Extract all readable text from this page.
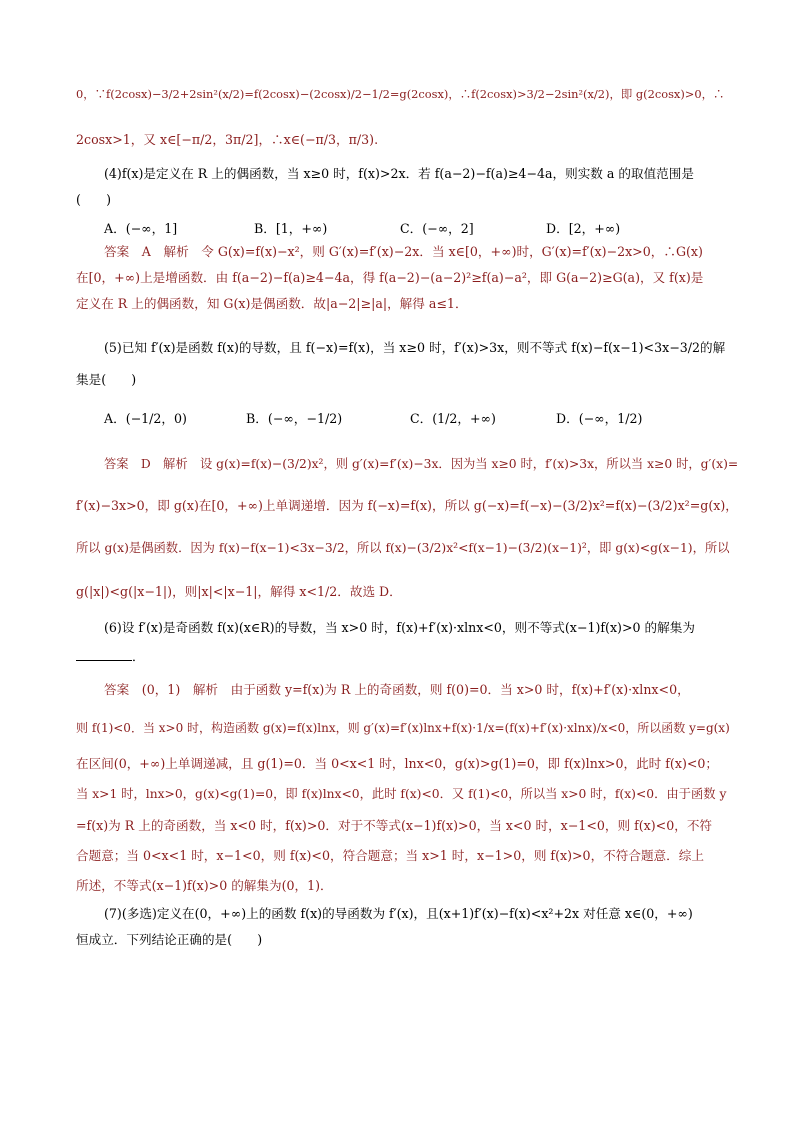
0，∵f(2cosx)−3/2+2sin²(x/2)=f(2cosx)−(2cosx)/2−1/2=g(2cosx)，∴f(2cosx)>3/2−2sin²(x/2)，即 g(2cosx)>0，∴
2cosx>1，又 x∈[−π/2，3π/2]，∴x∈(−π/3，π/3).
(4)f(x)是定义在 R 上的偶函数，当 x≥0 时，f(x)>2x．若 f(a−2)−f(a)≥4−4a，则实数 a 的取值范围是
(　　)
A．(−∞，1]	B．[1，+∞)	C．(−∞，2]	D．[2，+∞)
答案　A　解析　令 G(x)=f(x)−x²，则 G′(x)=f′(x)−2x．当 x∈[0，+∞)时，G′(x)=f′(x)−2x>0，∴G(x)
在[0，+∞)上是增函数．由 f(a−2)−f(a)≥4−4a，得 f(a−2)−(a−2)²≥f(a)−a²，即 G(a−2)≥G(a)，又 f(x)是
定义在 R 上的偶函数，知 G(x)是偶函数．故|a−2|≥|a|，解得 a≤1．
(5)已知 f′(x)是函数 f(x)的导数，且 f(−x)=f(x)，当 x≥0 时，f′(x)>3x，则不等式 f(x)−f(x−1)<3x−3/2的解
集是(　　)
A．(−1/2，0)	B．(−∞，−1/2)	C．(1/2，+∞)	D．(−∞，1/2)
答案　D　解析　设 g(x)=f(x)−(3/2)x²，则 g′(x)=f′(x)−3x．因为当 x≥0 时，f′(x)>3x，所以当 x≥0 时，g′(x)=
f′(x)−3x>0，即 g(x)在[0，+∞)上单调递增．因为 f(−x)=f(x)，所以 g(−x)=f(−x)−(3/2)x²=f(x)−(3/2)x²=g(x)，
所以 g(x)是偶函数．因为 f(x)−f(x−1)<3x−3/2，所以 f(x)−(3/2)x²<f(x−1)−(3/2)(x−1)²，即 g(x)<g(x−1)，所以
g(|x|)<g(|x−1|)，则|x|<|x−1|，解得 x<1/2．故选 D．
(6)设 f′(x)是奇函数 f(x)(x∈R)的导数，当 x>0 时，f(x)+f′(x)·xlnx<0，则不等式(x−1)f(x)>0 的解集为
．
答案　(0，1)　解析　由于函数 y=f(x)为 R 上的奇函数，则 f(0)=0．当 x>0 时，f(x)+f′(x)·xlnx<0，
则 f(1)<0．当 x>0 时，构造函数 g(x)=f(x)lnx，则 g′(x)=f′(x)lnx+f(x)·1/x=(f(x)+f′(x)·xlnx)/x<0，所以函数 y=g(x)
在区间(0，+∞)上单调递减，且 g(1)=0．当 0<x<1 时，lnx<0，g(x)>g(1)=0，即 f(x)lnx>0，此时 f(x)<0；
当 x>1 时，lnx>0，g(x)<g(1)=0，即 f(x)lnx<0，此时 f(x)<0．又 f(1)<0，所以当 x>0 时，f(x)<0．由于函数 y
=f(x)为 R 上的奇函数，当 x<0 时，f(x)>0．对于不等式(x−1)f(x)>0，当 x<0 时，x−1<0，则 f(x)<0，不符
合题意；当 0<x<1 时，x−1<0，则 f(x)<0，符合题意；当 x>1 时，x−1>0，则 f(x)>0，不符合题意．综上
所述，不等式(x−1)f(x)>0 的解集为(0，1)．
(7)(多选)定义在(0，+∞)上的函数 f(x)的导函数为 f′(x)，且(x+1)f′(x)−f(x)<x²+2x 对任意 x∈(0，+∞)
恒成立．下列结论正确的是(　　)
